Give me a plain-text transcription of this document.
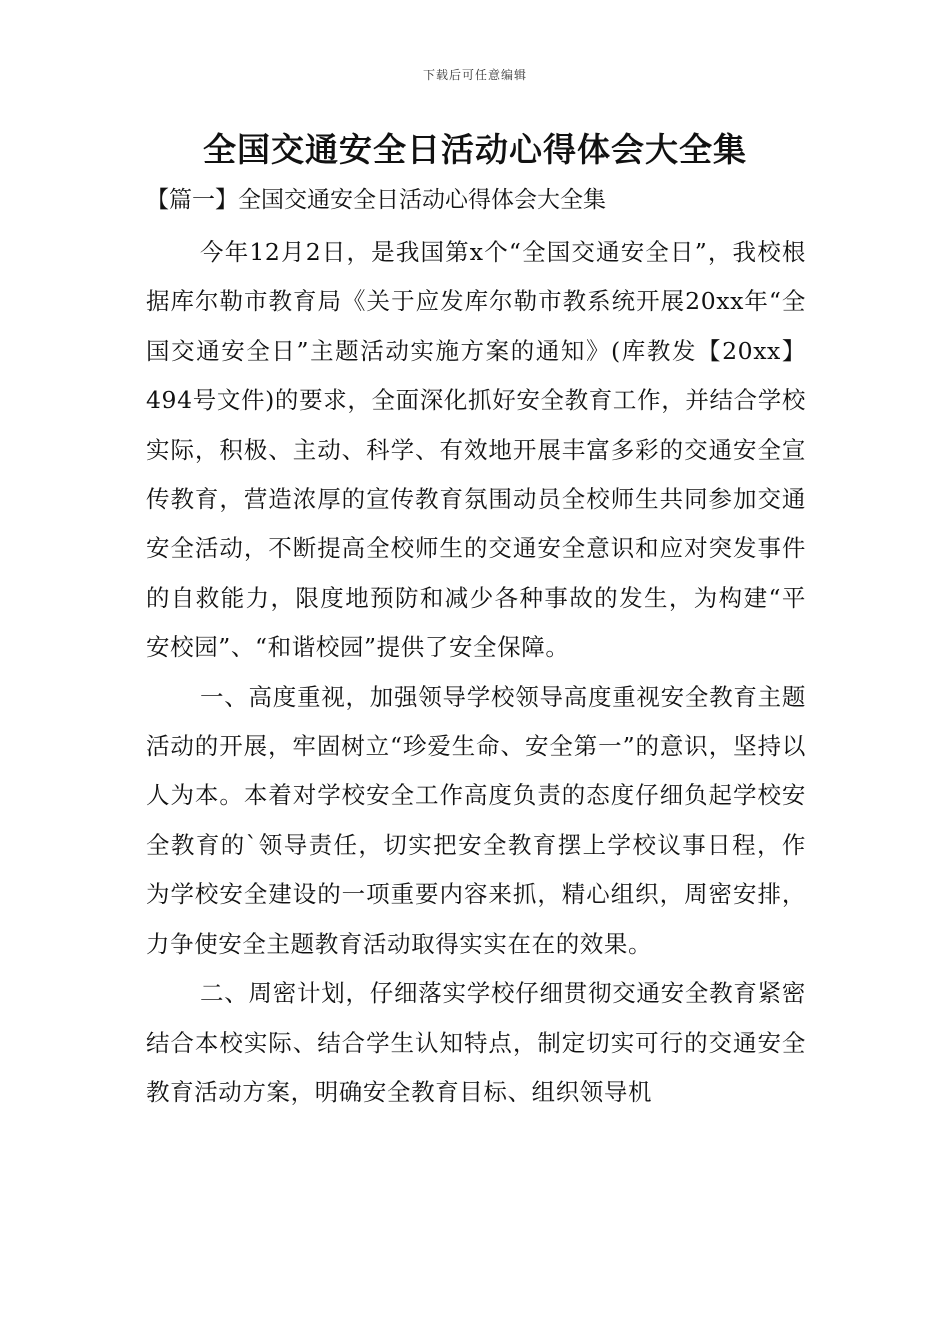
下载后可任意编辑
全国交通安全日活动心得体会大全集

【篇一】全国交通安全日活动心得体会大全集

今年12月2日，是我国第x个“全国交通安全日”，我校根据库尔勒市教育局《关于应发库尔勒市教系统开展20xx年“全国交通安全日”主题活动实施方案的通知》(库教发【20xx】494号文件)的要求，全面深化抓好安全教育工作，并结合学校实际，积极、主动、科学、有效地开展丰富多彩的交通安全宣传教育，营造浓厚的宣传教育氛围动员全校师生共同参加交通安全活动，不断提高全校师生的交通安全意识和应对突发事件的自救能力，限度地预防和减少各种事故的发生，为构建“平安校园”、“和谐校园”提供了安全保障。

一、高度重视，加强领导学校领导高度重视安全教育主题活动的开展，牢固树立“珍爱生命、安全第一”的意识，坚持以人为本。本着对学校安全工作高度负责的态度仔细负起学校安全教育的`领导责任，切实把安全教育摆上学校议事日程，作为学校安全建设的一项重要内容来抓，精心组织，周密安排，力争使安全主题教育活动取得实实在在的效果。

二、周密计划，仔细落实学校仔细贯彻交通安全教育紧密结合本校实际、结合学生认知特点，制定切实可行的交通安全教育活动方案，明确安全教育目标、组织领导机
